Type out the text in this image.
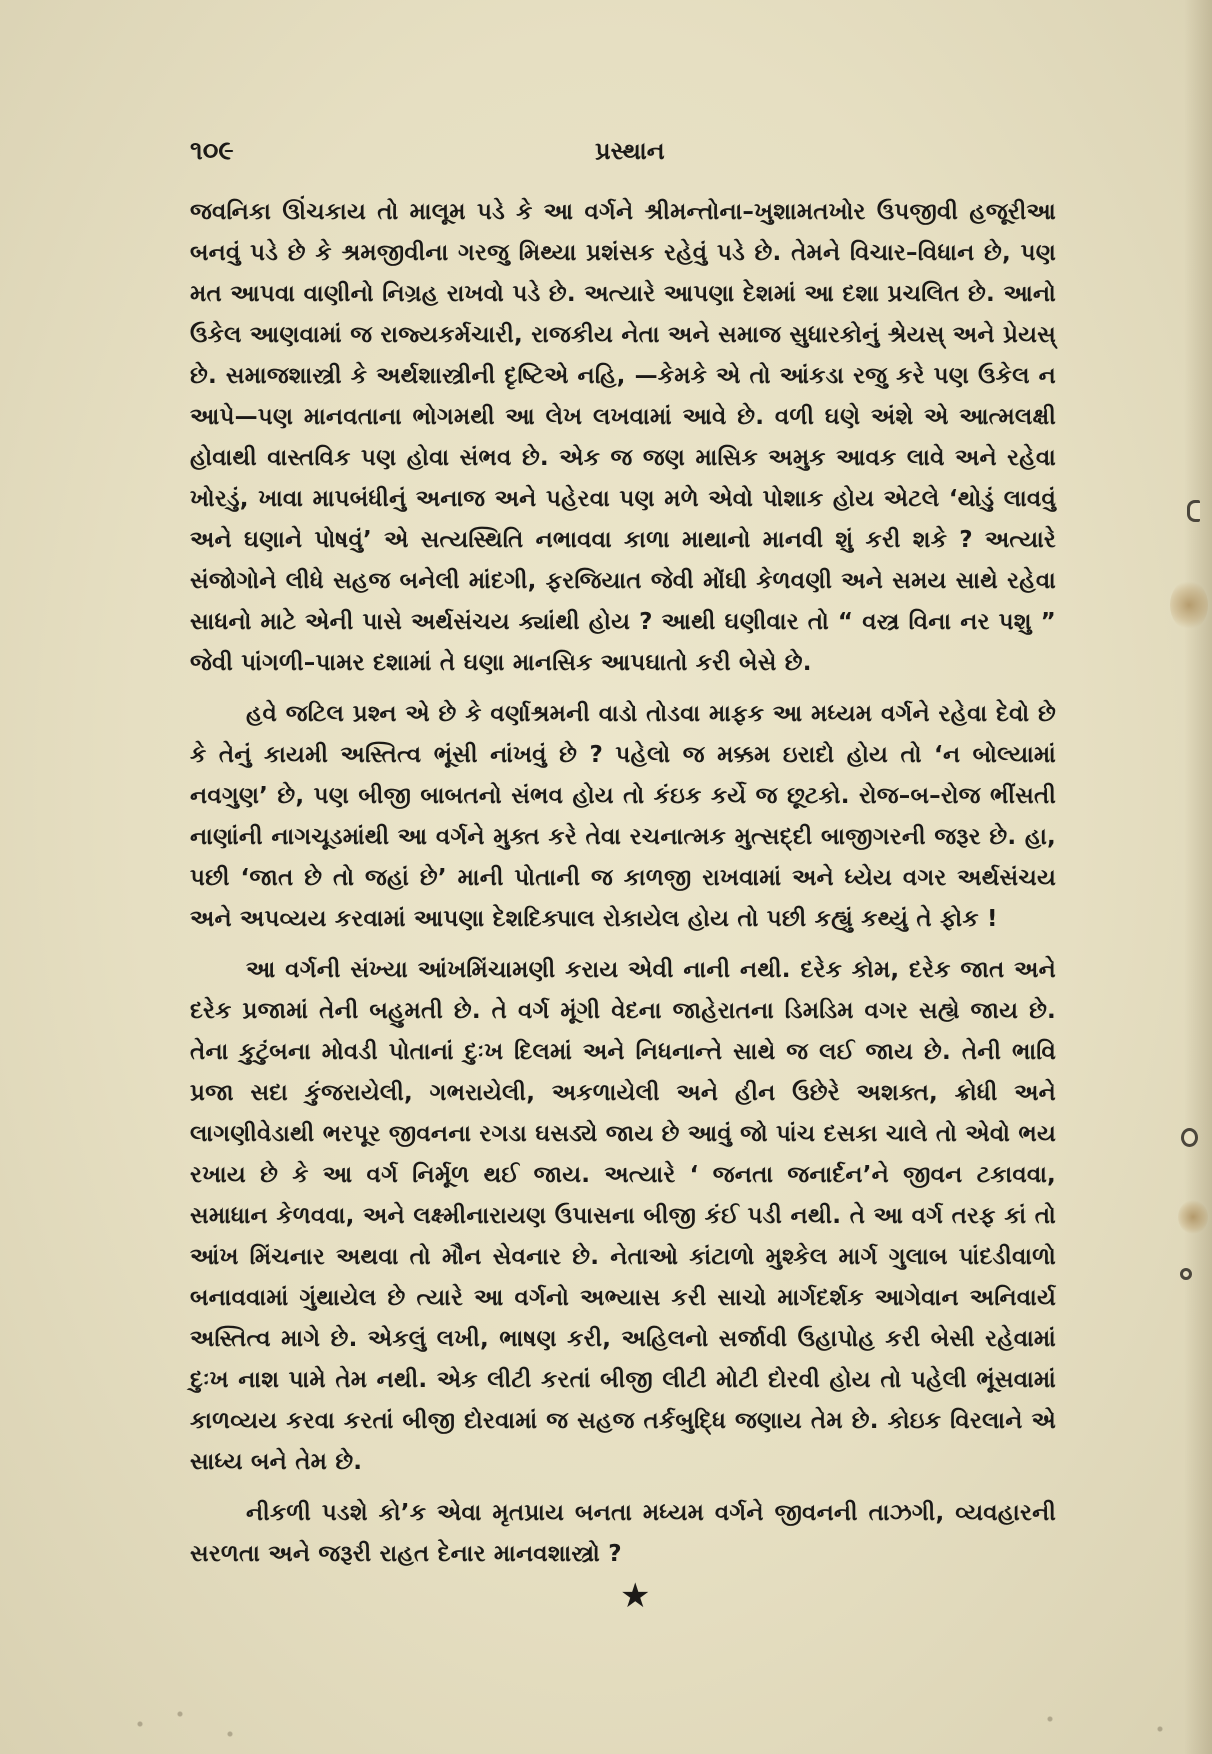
૧૦૯	પ્રસ્થાન

જવનિકા ઊંચકાય તો માલૂમ પડે કે આ વર્ગને શ્રીમન્તોના–ખુશામતખોર ઉપજીવી હજૂરીઆ બનવું પડે છે કે શ્રમજીવીના ગરજુ મિથ્યા પ્રશંસક રહેવું પડે છે. તેમને વિચાર–વિધાન છે, પણ મત આપવા વાણીનો નિગ્રહ રાખવો પડે છે. અત્યારે આપણા દેશમાં આ દશા પ્રચલિત છે. આનો ઉકેલ આણવામાં જ રાજ્યકર્મચારી, રાજકીય નેતા અને સમાજ સુધારકોનું શ્રેયસ્ અને પ્રેયસ્ છે. સમાજશાસ્ત્રી કે અર્થશાસ્ત્રીની દૃષ્ટિએ નહિ, —કેમકે એ તો આંકડા રજુ કરે પણ ઉકેલ ન આપે—પણ માનવતાના ભોગમથી આ લેખ લખવામાં આવે છે. વળી ઘણે અંશે એ આત્મલક્ષી હોવાથી વાસ્તવિક પણ હોવા સંભવ છે. એક જ જણ માસિક અમુક આવક લાવે અને રહેવા ખોરડું, ખાવા માપબંધીનું અનાજ અને પહેરવા પણ મળે એવો પોશાક હોય એટલે ‘થોડું લાવવું અને ઘણાને પોષવું’ એ સત્યસ્થિતિ નભાવવા કાળા માથાનો માનવી શું કરી શકે ? અત્યારે સંજોગોને લીધે સહજ બનેલી માંદગી, ફરજિયાત જેવી મોંઘી કેળવણી અને સમય સાથે રહેવા સાધનો માટે એની પાસે અર્થસંચય ક્યાંથી હોય ? આથી ઘણીવાર તો “ વસ્ત્ર વિના નર પશુ ” જેવી પાંગળી–પામર દશામાં તે ઘણા માનસિક આપઘાતો કરી બેસે છે.

હવે જટિલ પ્રશ્ન એ છે કે વર્ણાશ્રમની વાડો તોડવા માફક આ મધ્યમ વર્ગને રહેવા દેવો છે કે તેનું કાયમી અસ્તિત્વ ભૂંસી નાંખવું છે ? પહેલો જ મક્કમ ઇરાદો હોય તો ‘ન બોલ્યામાં નવગુણ’ છે, પણ બીજી બાબતનો સંભવ હોય તો કંઇક કર્યે જ છૂટકો. રોજ–બ–રોજ ભીંસતી નાણાંની નાગચૂડમાંથી આ વર્ગને મુક્ત કરે તેવા રચનાત્મક મુત્સદ્દી બાજીગરની જરૂર છે. હા, પછી ‘જાત છે તો જહાં છે’ માની પોતાની જ કાળજી રાખવામાં અને ધ્યેય વગર અર્થસંચય અને અપવ્યય કરવામાં આપણા દેશદિક્પાલ રોકાયેલ હોય તો પછી કહ્યું કથ્યું તે ફોક !

આ વર્ગની સંખ્યા આંખમિંચામણી કરાય એવી નાની નથી. દરેક કોમ, દરેક જાત અને દરેક પ્રજામાં તેની બહુમતી છે. તે વર્ગ મૂંગી વેદના જાહેરાતના ડિમડિમ વગર સહ્યે જાય છે. તેના કુટુંબના મોવડી પોતાનાં દુઃખ દિલમાં અને નિધનાન્તે સાથે જ લઈ જાય છે. તેની ભાવિ પ્રજા સદા કુંજરાયેલી, ગભરાયેલી, અકળાયેલી અને હીન ઉછેરે અશક્ત, ક્રોધી અને લાગણીવેડાથી ભરપૂર જીવનના રગડા ઘસડ્યે જાય છે આવું જો પાંચ દસકા ચાલે તો એવો ભય રખાય છે કે આ વર્ગ નિર્મૂળ થઈ જાય. અત્યારે ‘ જનતા જનાર્દન’ને જીવન ટકાવવા, સમાધાન કેળવવા, અને લક્ષ્મીનારાયણ ઉપાસના બીજી કંઈ પડી નથી. તે આ વર્ગ તરફ કાં તો આંખ મિંચનાર અથવા તો મૌન સેવનાર છે. નેતાઓ કાંટાળો મુશ્કેલ માર્ગ ગુલાબ પાંદડીવાળો બનાવવામાં ગુંથાયેલ છે ત્યારે આ વર્ગનો અભ્યાસ કરી સાચો માર્ગદર્શક આગેવાન અનિવાર્ય અસ્તિત્વ માગે છે. એકલું લખી, ભાષણ કરી, અહિલનો સર્જાવી ઉહાપોહ કરી બેસી રહેવામાં દુઃખ નાશ પામે તેમ નથી. એક લીટી કરતાં બીજી લીટી મોટી દોરવી હોય તો પહેલી ભૂંસવામાં કાળવ્યય કરવા કરતાં બીજી દોરવામાં જ સહજ તર્કબુદ્ધિ જણાય તેમ છે. કોઇક વિરલાને એ સાધ્ય બને તેમ છે.

નીકળી પડશે કો’ક એવા મૃતપ્રાય બનતા મધ્યમ વર્ગને જીવનની તાઝગી, વ્યવહારની સરળતા અને જરૂરી રાહત દેનાર માનવશાસ્ત્રો ?

★
